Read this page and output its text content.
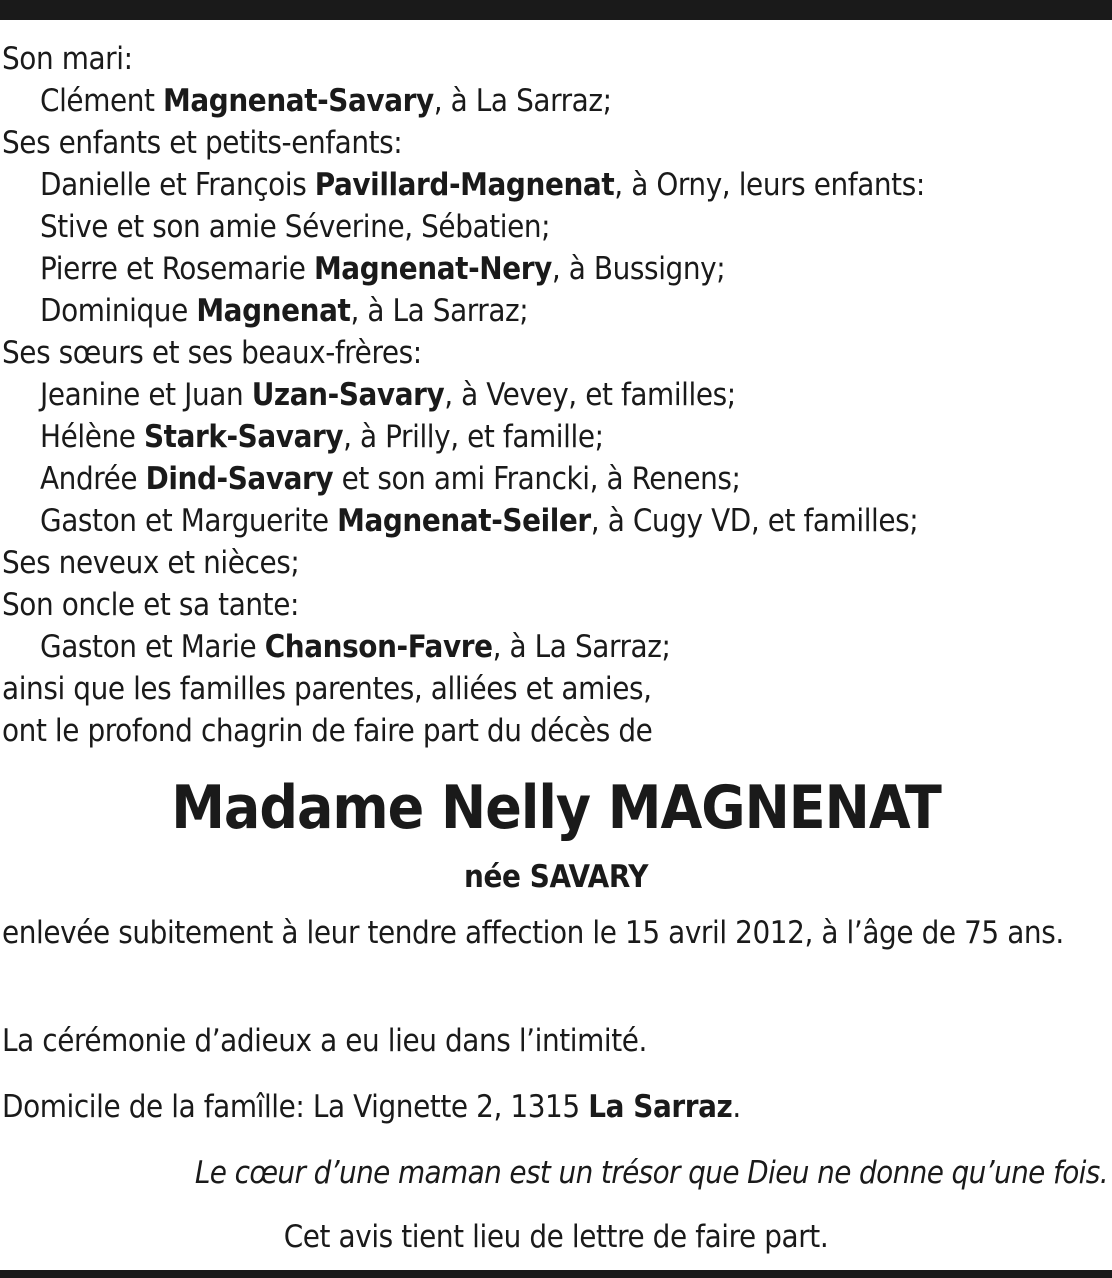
Son mari:
Clément Magnenat-Savary, à La Sarraz;
Ses enfants et petits-enfants:
Danielle et François Pavillard-Magnenat, à Orny, leurs enfants:
Stive et son amie Séverine, Sébatien;
Pierre et Rosemarie Magnenat-Nery, à Bussigny;
Dominique Magnenat, à La Sarraz;
Ses sœurs et ses beaux-frères:
Jeanine et Juan Uzan-Savary, à Vevey, et familles;
Hélène Stark-Savary, à Prilly, et famille;
Andrée Dind-Savary et son ami Francki, à Renens;
Gaston et Marguerite Magnenat-Seiler, à Cugy VD, et familles;
Ses neveux et nièces;
Son oncle et sa tante:
Gaston et Marie Chanson-Favre, à La Sarraz;
ainsi que les familles parentes, alliées et amies,
ont le profond chagrin de faire part du décès de
Madame Nelly MAGNENAT
née SAVARY
enlevée subitement à leur tendre affection le 15 avril 2012, à l’âge de 75 ans.
La cérémonie d’adieux a eu lieu dans l’intimité.
Domicile de la famîlle: La Vignette 2, 1315 La Sarraz.
Le cœur d’une maman est un trésor que Dieu ne donne qu’une fois.
Cet avis tient lieu de lettre de faire part.
